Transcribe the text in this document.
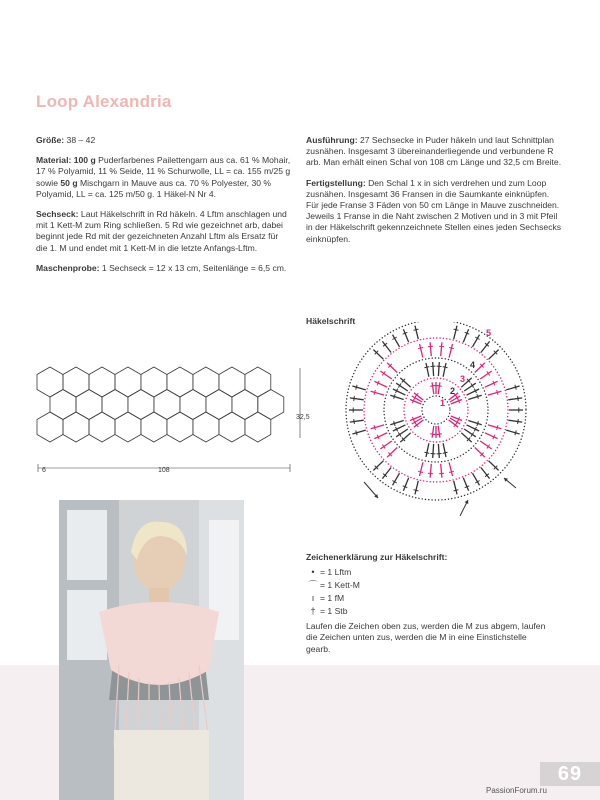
Loop Alexandria

Größe: 38 – 42

Material: 100 g Puderfarbenes Pailettengarn aus ca. 61 % Mohair, 17 % Polyamid, 11 % Seide, 11 % Schurwolle, LL = ca. 155 m/25 g sowie 50 g Mischgarn in Mauve aus ca. 70 % Polyester, 30 % Polyamid, LL = ca. 125 m/50 g. 1 Häkel-N Nr 4.

Sechseck: Laut Häkelschrift in Rd häkeln. 4 Lftm anschlagen und mit 1 Kett-M zum Ring schließen. 5 Rd wie gezeichnet arb, dabei beginnt jede Rd mit der gezeichneten Anzahl Lftm als Ersatz für die 1. M und endet mit 1 Kett-M in die letzte Anfangs-Lftm.

Maschenprobe: 1 Sechseck = 12 x 13 cm, Seitenlänge = 6,5 cm.

Ausführung: 27 Sechsecke in Puder häkeln und laut Schnittplan zusnähen. Insgesamt 3 übereinanderliegende und verbundene R arb. Man erhält einen Schal von 108 cm Länge und 32,5 cm Breite.

Fertigstellung: Den Schal 1 x in sich verdrehen und zum Loop zusnähen. Insgesamt 36 Fransen in die Saumkante einknüpfen. Für jede Franse 3 Fäden von 50 cm Länge in Mauve zuschneiden. Jeweils 1 Franse in die Naht zwischen 2 Motiven und in 3 mit Pfeil in der Häkelschrift gekennzeichnete Stellen eines jeden Sechsecks einknüpfen.

32,5
108
6
Häkelschrift
1
2
3
4
5
Zeichenerklärung zur Häkelschrift:
• = 1 Lftm
⌒ = 1 Kett-M
ı = 1 fM
† = 1 Stb
Laufen die Zeichen oben zus, werden die M zus abgem, laufen die Zeichen unten zus, werden die M in eine Einstichstelle gearb.
69
PassionForum.ru
